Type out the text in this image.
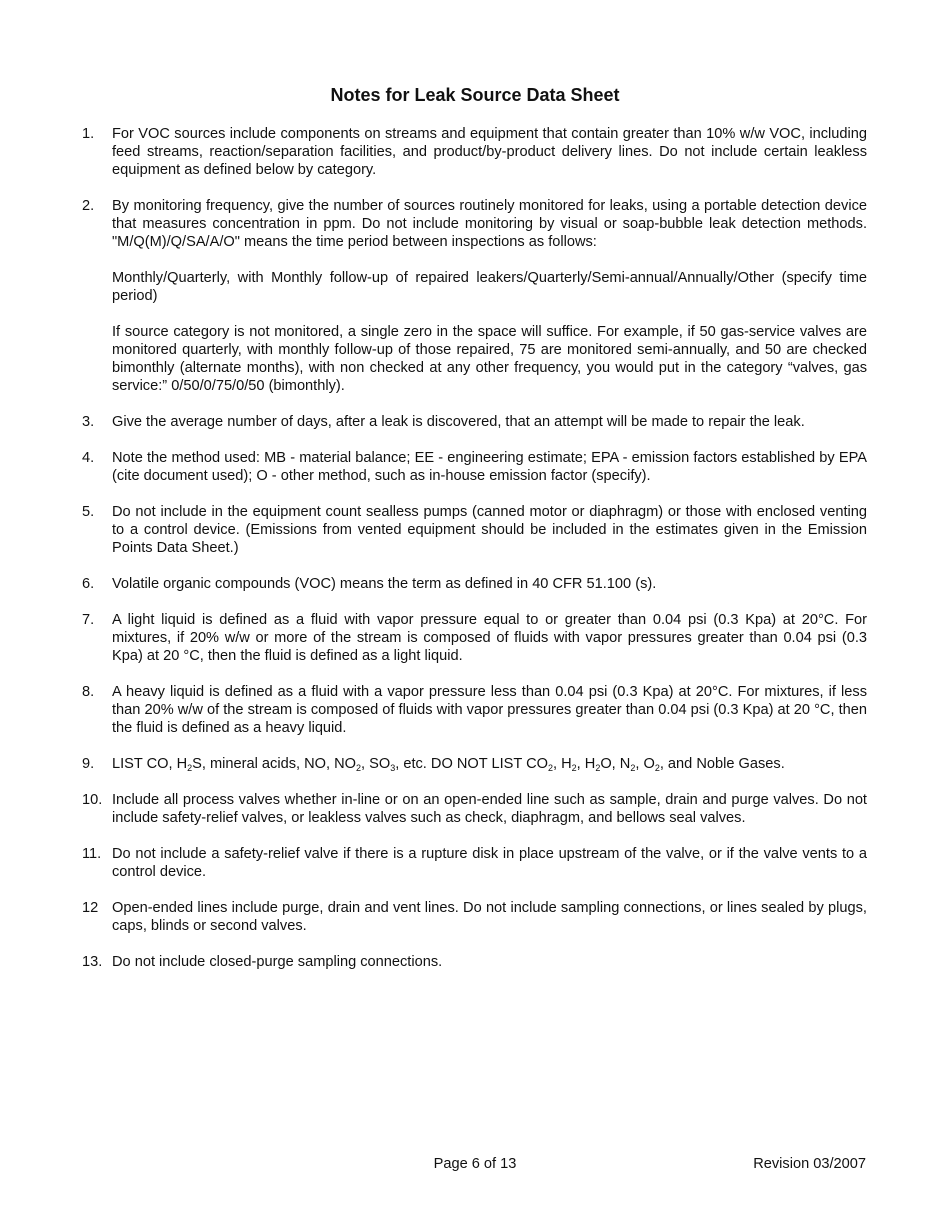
Notes for Leak Source Data Sheet
1.	For VOC sources include components on streams and equipment that contain greater than 10% w/w VOC, including feed streams, reaction/separation facilities, and product/by-product delivery lines. Do not include certain leakless equipment as defined below by category.
2.	By monitoring frequency, give the number of sources routinely monitored for leaks, using a portable detection device that measures concentration in ppm. Do not include monitoring by visual or soap-bubble leak detection methods. "M/Q(M)/Q/SA/A/O" means the time period between inspections as follows:

Monthly/Quarterly, with Monthly follow-up of repaired leakers/Quarterly/Semi-annual/Annually/Other (specify time period)

If source category is not monitored, a single zero in the space will suffice. For example, if 50 gas-service valves are monitored quarterly, with monthly follow-up of those repaired, 75 are monitored semi-annually, and 50 are checked bimonthly (alternate months), with non checked at any other frequency, you would put in the category “valves, gas service:” 0/50/0/75/0/50 (bimonthly).

3.	Give the average number of days, after a leak is discovered, that an attempt will be made to repair the leak.
4.	Note the method used: MB - material balance; EE - engineering estimate; EPA - emission factors established by EPA (cite document used); O - other method, such as in-house emission factor (specify).
5.	Do not include in the equipment count sealless pumps (canned motor or diaphragm) or those with enclosed venting to a control device. (Emissions from vented equipment should be included in the estimates given in the Emission Points Data Sheet.)
6.	Volatile organic compounds (VOC) means the term as defined in 40 CFR 51.100 (s).
7.	A light liquid is defined as a fluid with vapor pressure equal to or greater than 0.04 psi (0.3 Kpa) at 20°C. For mixtures, if 20% w/w or more of the stream is composed of fluids with vapor pressures greater than 0.04 psi (0.3 Kpa) at 20 °C, then the fluid is defined as a light liquid.
8.	A heavy liquid is defined as a fluid with a vapor pressure less than 0.04 psi (0.3 Kpa) at 20°C. For mixtures, if less than 20% w/w of the stream is composed of fluids with vapor pressures greater than 0.04 psi (0.3 Kpa) at 20 °C, then the fluid is defined as a heavy liquid.
9.	LIST CO, $H_2S$, mineral acids, NO, $NO_2$, $SO_3$, etc. DO NOT LIST $CO_2$, $H_2$, $H_2O$, $N_2$, $O_2$, and Noble Gases.
10. Include all process valves whether in-line or on an open-ended line such as sample, drain and purge valves. Do not include safety-relief valves, or leakless valves such as check, diaphragm, and bellows seal valves.
11. Do not include a safety-relief valve if there is a rupture disk in place upstream of the valve, or if the valve vents to a control device.
12 Open-ended lines include purge, drain and vent lines. Do not include sampling connections, or lines sealed by plugs, caps, blinds or second valves.
13. Do not include closed-purge sampling connections.
Page 6 of 13	Revision 03/2007
